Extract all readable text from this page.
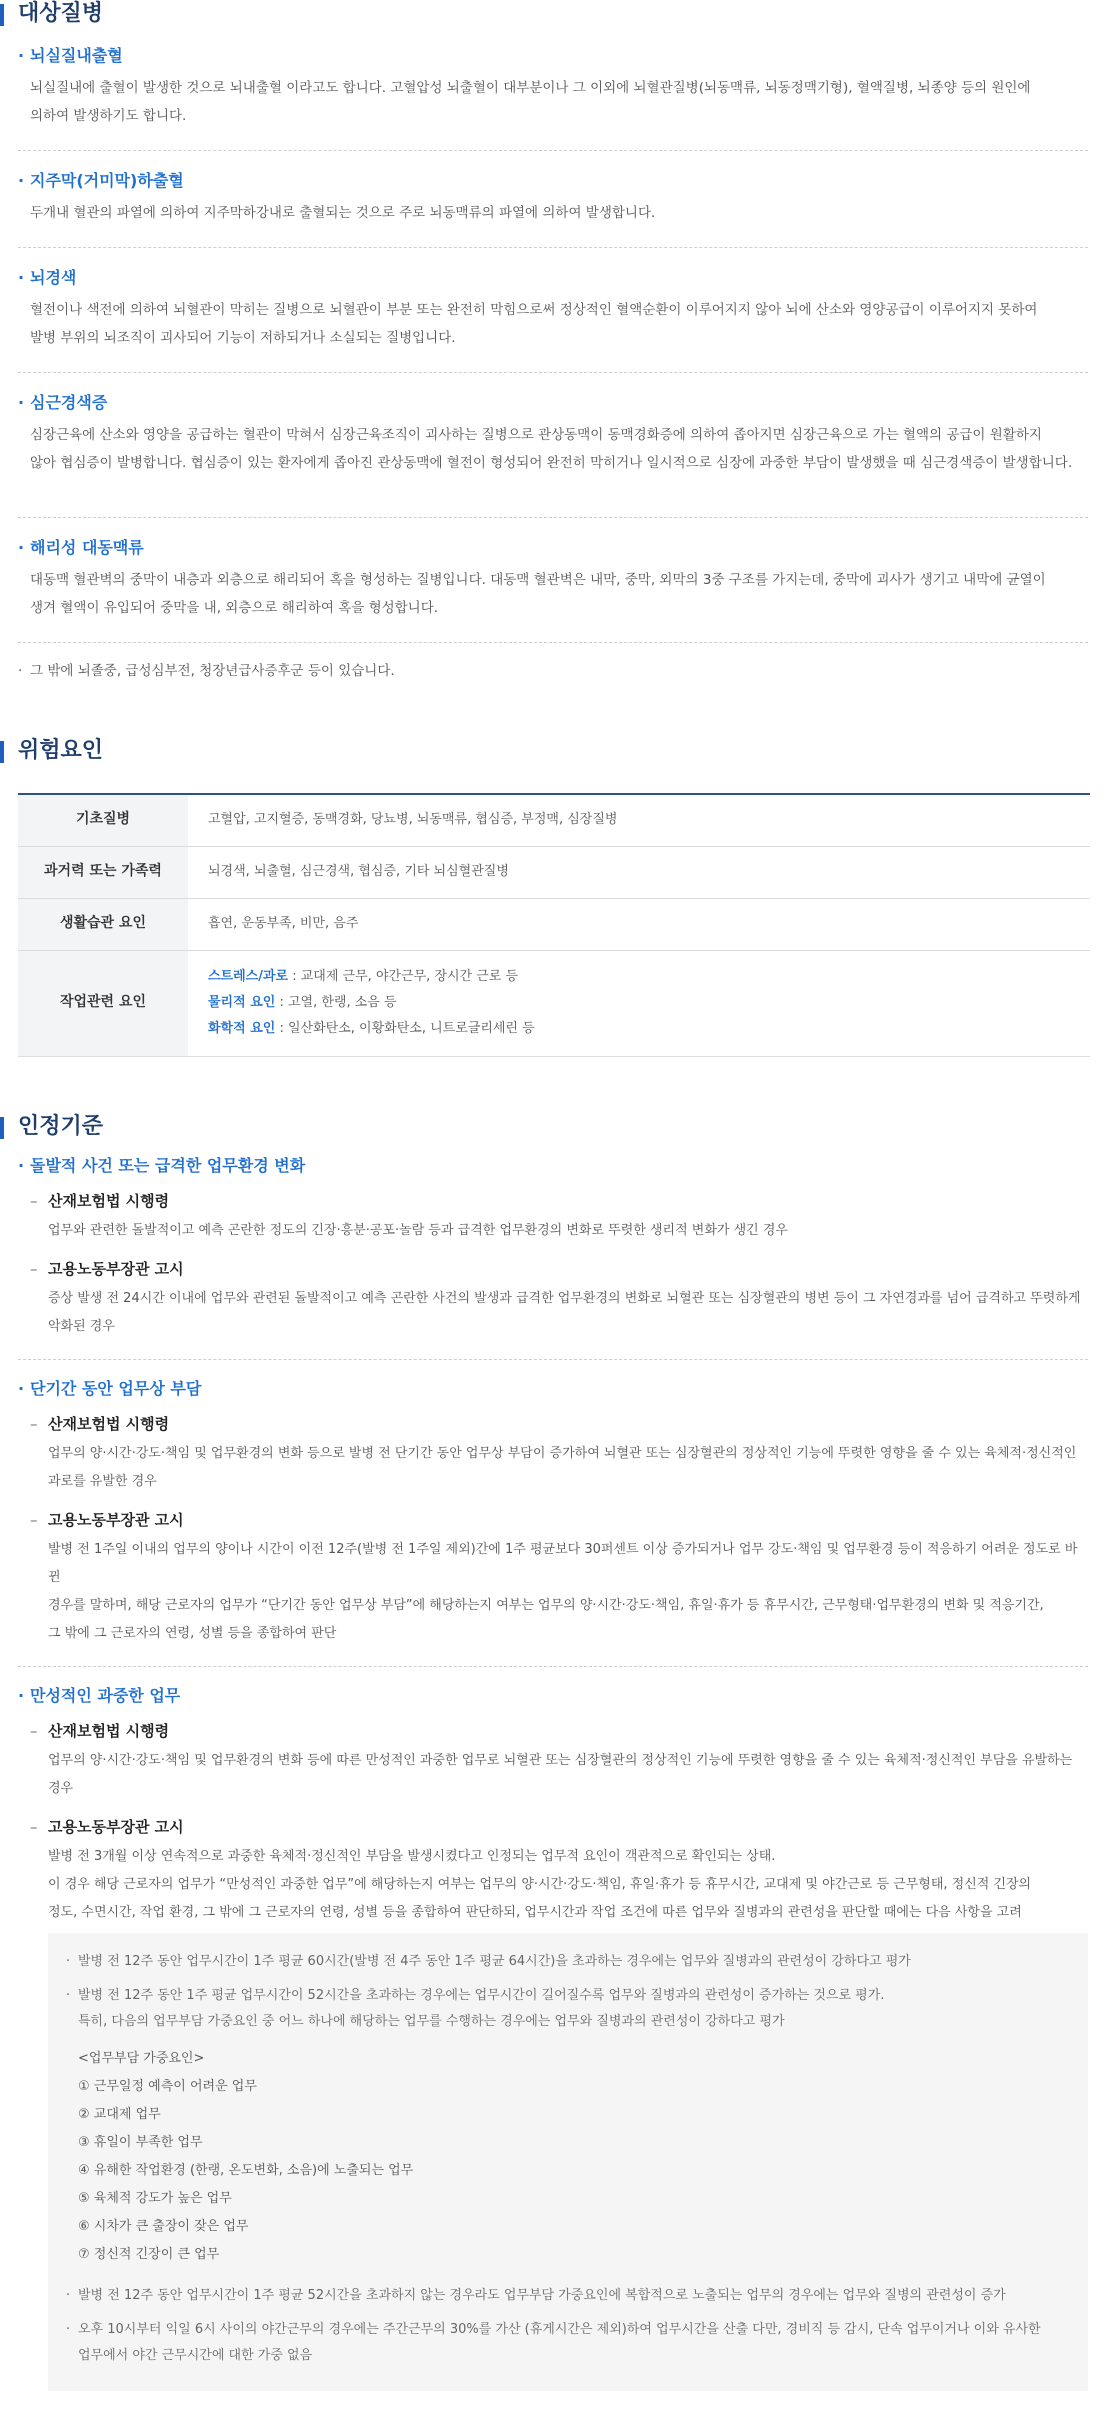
대상질병
· 뇌실질내출혈
뇌실질내에 출혈이 발생한 것으로 뇌내출혈 이라고도 합니다. 고혈압성 뇌출혈이 대부분이나 그 이외에 뇌혈관질병(뇌동맥류, 뇌동정맥기형), 혈액질병, 뇌종양 등의 원인에
의하여 발생하기도 합니다.
· 지주막(거미막)하출혈
두개내 혈관의 파열에 의하여 지주막하강내로 출혈되는 것으로 주로 뇌동맥류의 파열에 의하여 발생합니다.
· 뇌경색
혈전이나 색전에 의하여 뇌혈관이 막히는 질병으로 뇌혈관이 부분 또는 완전히 막힘으로써 정상적인 혈액순환이 이루어지지 않아 뇌에 산소와 영양공급이 이루어지지 못하여
발병 부위의 뇌조직이 괴사되어 기능이 저하되거나 소실되는 질병입니다.
· 심근경색증
심장근육에 산소와 영양을 공급하는 혈관이 막혀서 심장근육조직이 괴사하는 질병으로 관상동맥이 동맥경화증에 의하여 좁아지면 심장근육으로 가는 혈액의 공급이 원활하지
않아 협심증이 발병합니다. 협심증이 있는 환자에게 좁아진 관상동맥에 혈전이 형성되어 완전히 막히거나 일시적으로 심장에 과중한 부담이 발생했을 때 심근경색증이 발생합니다.
· 해리성 대동맥류
대동맥 혈관벽의 중막이 내층과 외층으로 해리되어 혹을 형성하는 질병입니다. 대동맥 혈관벽은 내막, 중막, 외막의 3중 구조를 가지는데, 중막에 괴사가 생기고 내막에 균열이
생겨 혈액이 유입되어 중막을 내, 외층으로 해리하여 혹을 형성합니다.
· 그 밖에 뇌졸중, 급성심부전, 청장년급사증후군 등이 있습니다.
위험요인
기초질병	고혈압, 고지혈증, 동맥경화, 당뇨병, 뇌동맥류, 협심증, 부정맥, 심장질병
과거력 또는 가족력	뇌경색, 뇌출혈, 심근경색, 협심증, 기타 뇌심혈관질병
생활습관 요인	흡연, 운동부족, 비만, 음주
작업관련 요인	스트레스/과로 : 교대제 근무, 야간근무, 장시간 근로 등
물리적 요인 : 고열, 한랭, 소음 등
화학적 요인 : 일산화탄소, 이황화탄소, 니트로글리세린 등
인정기준
· 돌발적 사건 또는 급격한 업무환경 변화
– 산재보험법 시행령
업무와 관련한 돌발적이고 예측 곤란한 정도의 긴장·흥분·공포·놀람 등과 급격한 업무환경의 변화로 뚜렷한 생리적 변화가 생긴 경우
– 고용노동부장관 고시
증상 발생 전 24시간 이내에 업무와 관련된 돌발적이고 예측 곤란한 사건의 발생과 급격한 업무환경의 변화로 뇌혈관 또는 심장혈관의 병변 등이 그 자연경과를 넘어 급격하고 뚜렷하게
악화된 경우
· 단기간 동안 업무상 부담
– 산재보험법 시행령
업무의 양·시간·강도·책임 및 업무환경의 변화 등으로 발병 전 단기간 동안 업무상 부담이 증가하여 뇌혈관 또는 심장혈관의 정상적인 기능에 뚜렷한 영향을 줄 수 있는 육체적·정신적인
과로를 유발한 경우
– 고용노동부장관 고시
발병 전 1주일 이내의 업무의 양이나 시간이 이전 12주(발병 전 1주일 제외)간에 1주 평균보다 30퍼센트 이상 증가되거나 업무 강도·책임 및 업무환경 등이 적응하기 어려운 정도로 바뀐
경우를 말하며, 해당 근로자의 업무가 “단기간 동안 업무상 부담”에 해당하는지 여부는 업무의 양·시간·강도·책임, 휴일·휴가 등 휴무시간, 근무형태·업무환경의 변화 및 적응기간,
그 밖에 그 근로자의 연령, 성별 등을 종합하여 판단
· 만성적인 과중한 업무
– 산재보험법 시행령
업무의 양·시간·강도·책임 및 업무환경의 변화 등에 따른 만성적인 과중한 업무로 뇌혈관 또는 심장혈관의 정상적인 기능에 뚜렷한 영향을 줄 수 있는 육체적·정신적인 부담을 유발하는
경우
– 고용노동부장관 고시
발병 전 3개월 이상 연속적으로 과중한 육체적·정신적인 부담을 발생시켰다고 인정되는 업무적 요인이 객관적으로 확인되는 상태.
이 경우 해당 근로자의 업무가 “만성적인 과중한 업무”에 해당하는지 여부는 업무의 양·시간·강도·책임, 휴일·휴가 등 휴무시간, 교대제 및 야간근로 등 근무형태, 정신적 긴장의
정도, 수면시간, 작업 환경, 그 밖에 그 근로자의 연령, 성별 등을 종합하여 판단하되, 업무시간과 작업 조건에 따른 업무와 질병과의 관련성을 판단할 때에는 다음 사항을 고려
· 발병 전 12주 동안 업무시간이 1주 평균 60시간(발병 전 4주 동안 1주 평균 64시간)을 초과하는 경우에는 업무와 질병과의 관련성이 강하다고 평가
· 발병 전 12주 동안 1주 평균 업무시간이 52시간을 초과하는 경우에는 업무시간이 길어질수록 업무와 질병과의 관련성이 증가하는 것으로 평가.
특히, 다음의 업무부담 가중요인 중 어느 하나에 해당하는 업무를 수행하는 경우에는 업무와 질병과의 관련성이 강하다고 평가
<업무부담 가중요인>
① 근무일정 예측이 어려운 업무
② 교대제 업무
③ 휴일이 부족한 업무
④ 유해한 작업환경 (한랭, 온도변화, 소음)에 노출되는 업무
⑤ 육체적 강도가 높은 업무
⑥ 시차가 큰 출장이 잦은 업무
⑦ 정신적 긴장이 큰 업무
· 발병 전 12주 동안 업무시간이 1주 평균 52시간을 초과하지 않는 경우라도 업무부담 가중요인에 복합적으로 노출되는 업무의 경우에는 업무와 질병의 관련성이 증가
· 오후 10시부터 익일 6시 사이의 야간근무의 경우에는 주간근무의 30%를 가산 (휴게시간은 제외)하여 업무시간을 산출 다만, 경비직 등 감시, 단속 업무이거나 이와 유사한
업무에서 야간 근무시간에 대한 가중 없음
